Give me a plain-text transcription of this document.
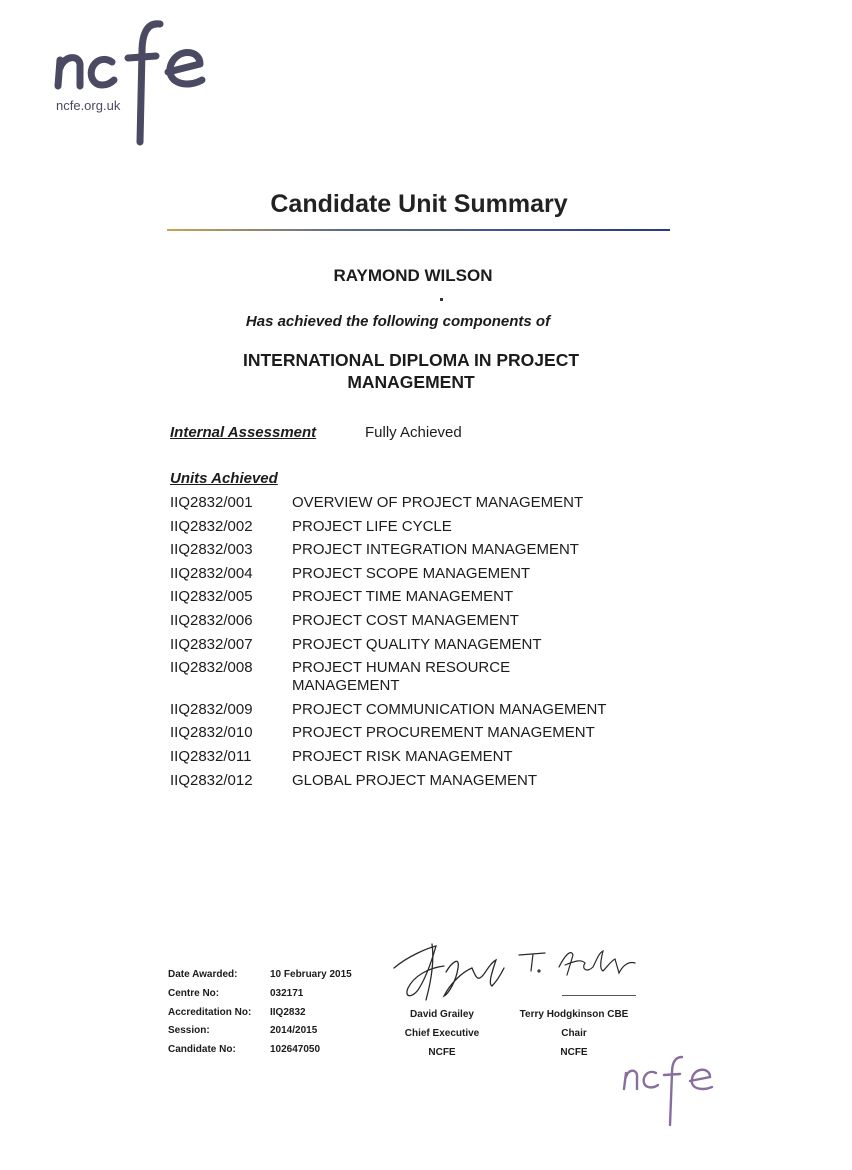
ncfe.org.uk
Candidate Unit Summary
RAYMOND WILSON
Has achieved the following components of
INTERNATIONAL DIPLOMA IN PROJECT MANAGEMENT
Internal Assessment	Fully Achieved
Units Achieved
IIQ2832/001	OVERVIEW OF PROJECT MANAGEMENT
IIQ2832/002	PROJECT LIFE CYCLE
IIQ2832/003	PROJECT INTEGRATION MANAGEMENT
IIQ2832/004	PROJECT SCOPE MANAGEMENT
IIQ2832/005	PROJECT TIME MANAGEMENT
IIQ2832/006	PROJECT COST MANAGEMENT
IIQ2832/007	PROJECT QUALITY MANAGEMENT
IIQ2832/008	PROJECT HUMAN RESOURCE MANAGEMENT
IIQ2832/009	PROJECT COMMUNICATION MANAGEMENT
IIQ2832/010	PROJECT PROCUREMENT MANAGEMENT
IIQ2832/011	PROJECT RISK MANAGEMENT
IIQ2832/012	GLOBAL PROJECT MANAGEMENT
Date Awarded:	10 February 2015
Centre No:	032171
Accreditation No:	IIQ2832
Session:	2014/2015
Candidate No:	102647050
David Grailey
Chief Executive
NCFE
Terry Hodgkinson CBE
Chair
NCFE
